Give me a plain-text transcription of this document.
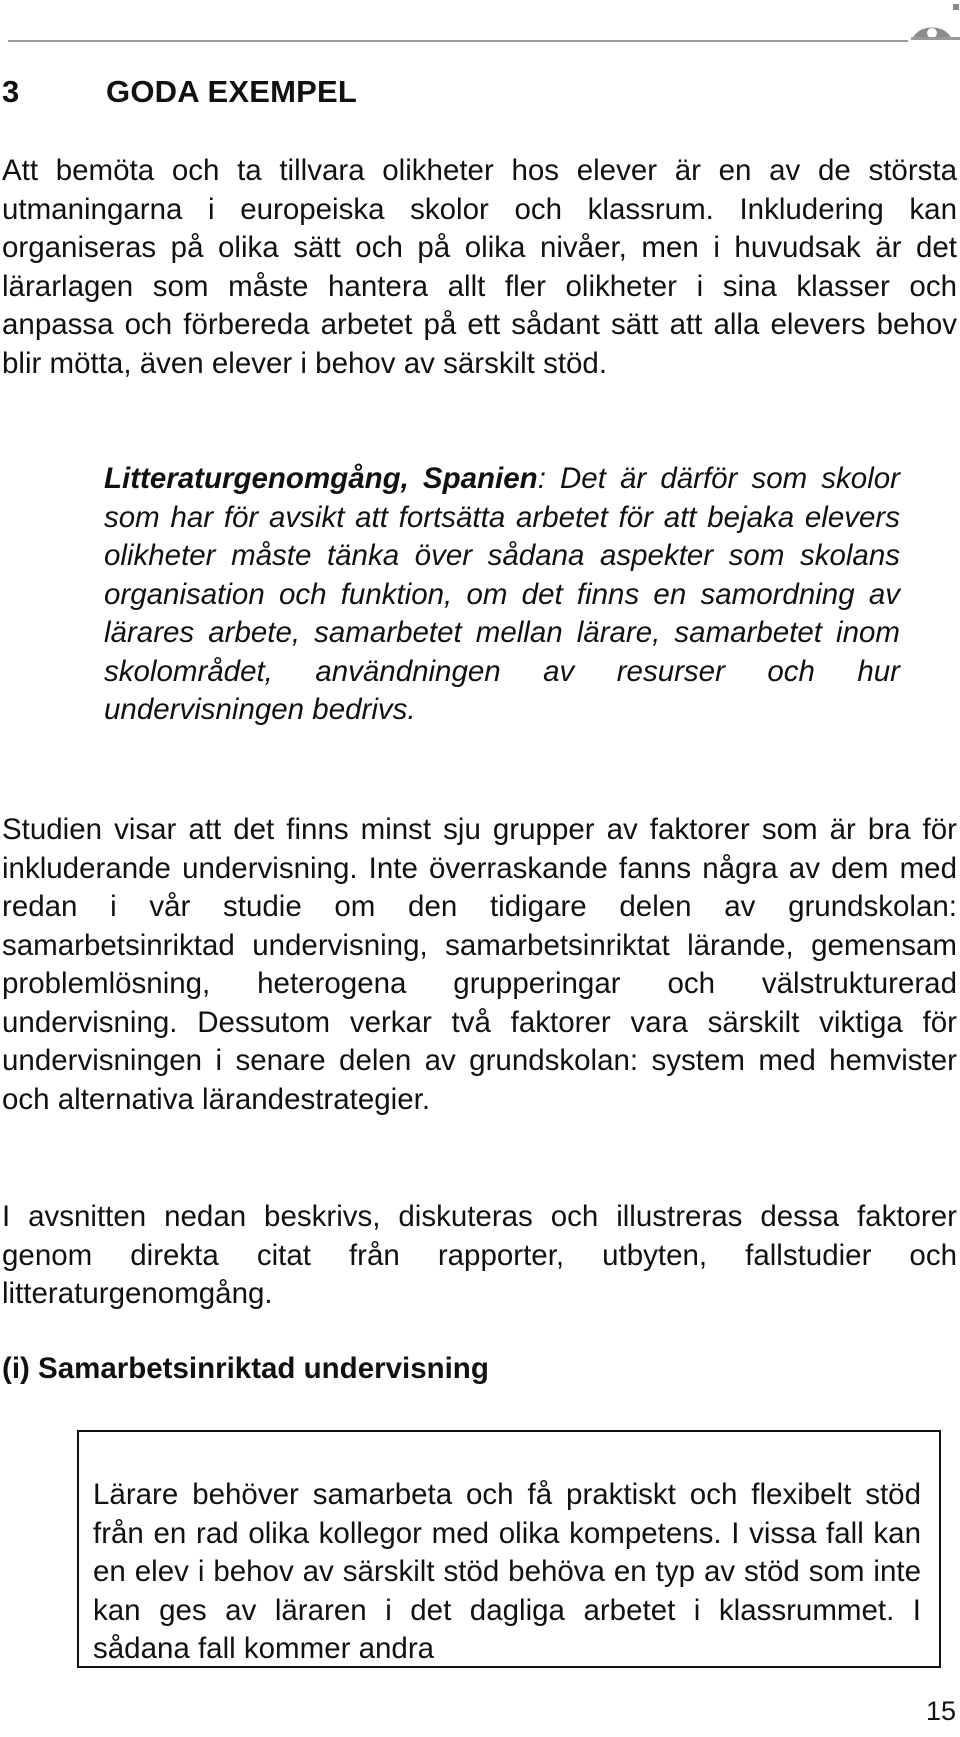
3	GODA EXEMPEL

Att bemöta och ta tillvara olikheter hos elever är en av de största utmaningarna i europeiska skolor och klassrum. Inkludering kan organiseras på olika sätt och på olika nivåer, men i huvudsak är det lärarlagen som måste hantera allt fler olikheter i sina klasser och anpassa och förbereda arbetet på ett sådant sätt att alla elevers behov blir mötta, även elever i behov av särskilt stöd.

Litteraturgenomgång, Spanien: Det är därför som skolor som har för avsikt att fortsätta arbetet för att bejaka elevers olikheter måste tänka över sådana aspekter som skolans organisation och funktion, om det finns en samordning av lärares arbete, samarbetet mellan lärare, samarbetet inom skolområdet, användningen av resurser och hur undervisningen bedrivs.

Studien visar att det finns minst sju grupper av faktorer som är bra för inkluderande undervisning. Inte överraskande fanns några av dem med redan i vår studie om den tidigare delen av grundskolan: samarbetsinriktad undervisning, samarbetsinriktat lärande, gemensam problemlösning, heterogena grupperingar och välstrukturerad undervisning. Dessutom verkar två faktorer vara särskilt viktiga för undervisningen i senare delen av grundskolan: system med hemvister och alternativa lärandestrategier.

I avsnitten nedan beskrivs, diskuteras och illustreras dessa faktorer genom direkta citat från rapporter, utbyten, fallstudier och litteraturgenomgång.

(i) Samarbetsinriktad undervisning

Lärare behöver samarbeta och få praktiskt och flexibelt stöd från en rad olika kollegor med olika kompetens. I vissa fall kan en elev i behov av särskilt stöd behöva en typ av stöd som inte kan ges av läraren i det dagliga arbetet i klassrummet. I sådana fall kommer andra

15
